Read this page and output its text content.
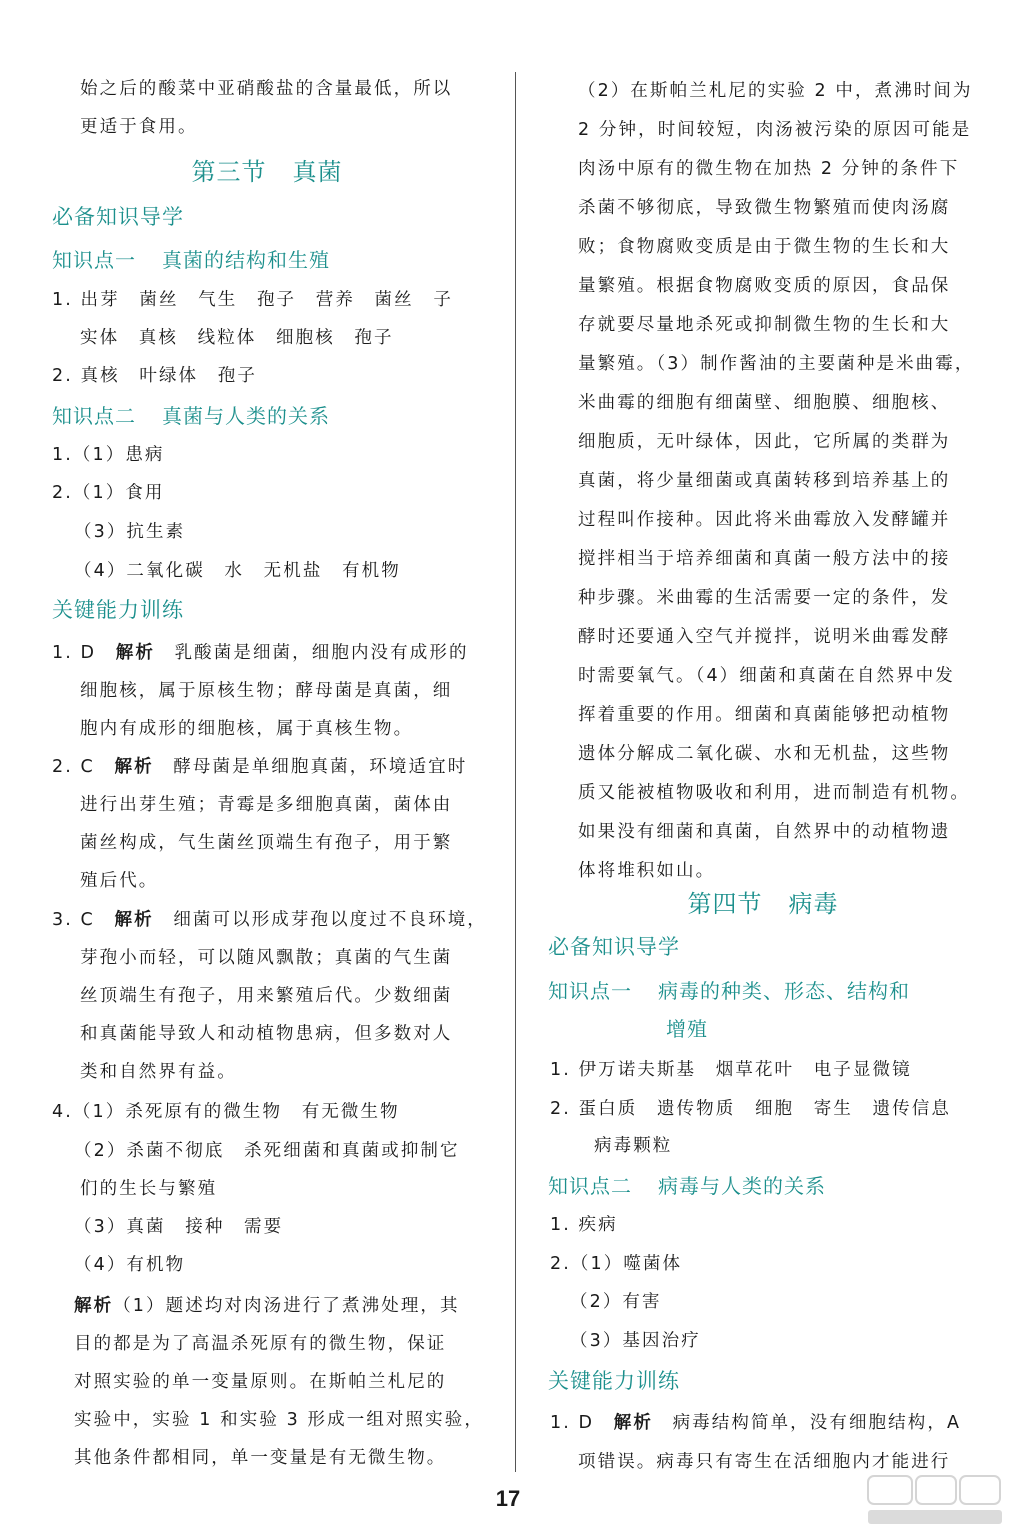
始之后的酸菜中亚硝酸盐的含量最低，所以
更适于食用。
第三节 真菌
必备知识导学
知识点一 真菌的结构和生殖
1. 出芽　菌丝　气生　孢子　营养　菌丝　子
实体　真核　线粒体　细胞核　孢子
2. 真核　叶绿体　孢子
知识点二 真菌与人类的关系
1.（1）患病
2.（1）食用
（3）抗生素
（4）二氧化碳　水　无机盐　有机物
关键能力训练
1. D　 解析　 乳酸菌是细菌，细胞内没有成形的
细胞核，属于原核生物；酵母菌是真菌，细
胞内有成形的细胞核，属于真核生物。
2. C　 解析　 酵母菌是单细胞真菌，环境适宜时
进行出芽生殖；青霉是多细胞真菌，菌体由
菌丝构成，气生菌丝顶端生有孢子，用于繁
殖后代。
3. C　 解析　 细菌可以形成芽孢以度过不良环境，
芽孢小而轻，可以随风飘散；真菌的气生菌
丝顶端生有孢子，用来繁殖后代。少数细菌
和真菌能导致人和动植物患病，但多数对人
类和自然界有益。
4.（1）杀死原有的微生物　有无微生物
（2）杀菌不彻底　杀死细菌和真菌或抑制它
们的生长与繁殖
（3）真菌　接种　需要
（4）有机物
解析（1）题述均对肉汤进行了煮沸处理，其
目的都是为了高温杀死原有的微生物，保证
对照实验的单一变量原则。在斯帕兰札尼的
实验中，实验 1 和实验 3 形成一组对照实验，
其他条件都相同，单一变量是有无微生物。
（2）在斯帕兰札尼的实验 2 中，煮沸时间为
2 分钟，时间较短，肉汤被污染的原因可能是
肉汤中原有的微生物在加热 2 分钟的条件下
杀菌不够彻底，导致微生物繁殖而使肉汤腐
败；食物腐败变质是由于微生物的生长和大
量繁殖。根据食物腐败变质的原因，食品保
存就要尽量地杀死或抑制微生物的生长和大
量繁殖。（3）制作酱油的主要菌种是米曲霉，
米曲霉的细胞有细菌壁、细胞膜、细胞核、
细胞质，无叶绿体，因此，它所属的类群为
真菌，将少量细菌或真菌转移到培养基上的
过程叫作接种。因此将米曲霉放入发酵罐并
搅拌相当于培养细菌和真菌一般方法中的接
种步骤。米曲霉的生活需要一定的条件，发
酵时还要通入空气并搅拌，说明米曲霉发酵
时需要氧气。（4）细菌和真菌在自然界中发
挥着重要的作用。细菌和真菌能够把动植物
遗体分解成二氧化碳、水和无机盐，这些物
质又能被植物吸收和利用，进而制造有机物。
如果没有细菌和真菌，自然界中的动植物遗
体将堆积如山。
第四节 病毒
必备知识导学
知识点一 病毒的种类、形态、结构和
增殖
1. 伊万诺夫斯基　烟草花叶　电子显微镜
2. 蛋白质　遗传物质　细胞　寄生　遗传信息
病毒颗粒
知识点二 病毒与人类的关系
1. 疾病
2.（1）噬菌体
（2）有害
（3）基因治疗
关键能力训练
1. D　 解析　 病毒结构简单，没有细胞结构，A
项错误。病毒只有寄生在活细胞内才能进行
17
